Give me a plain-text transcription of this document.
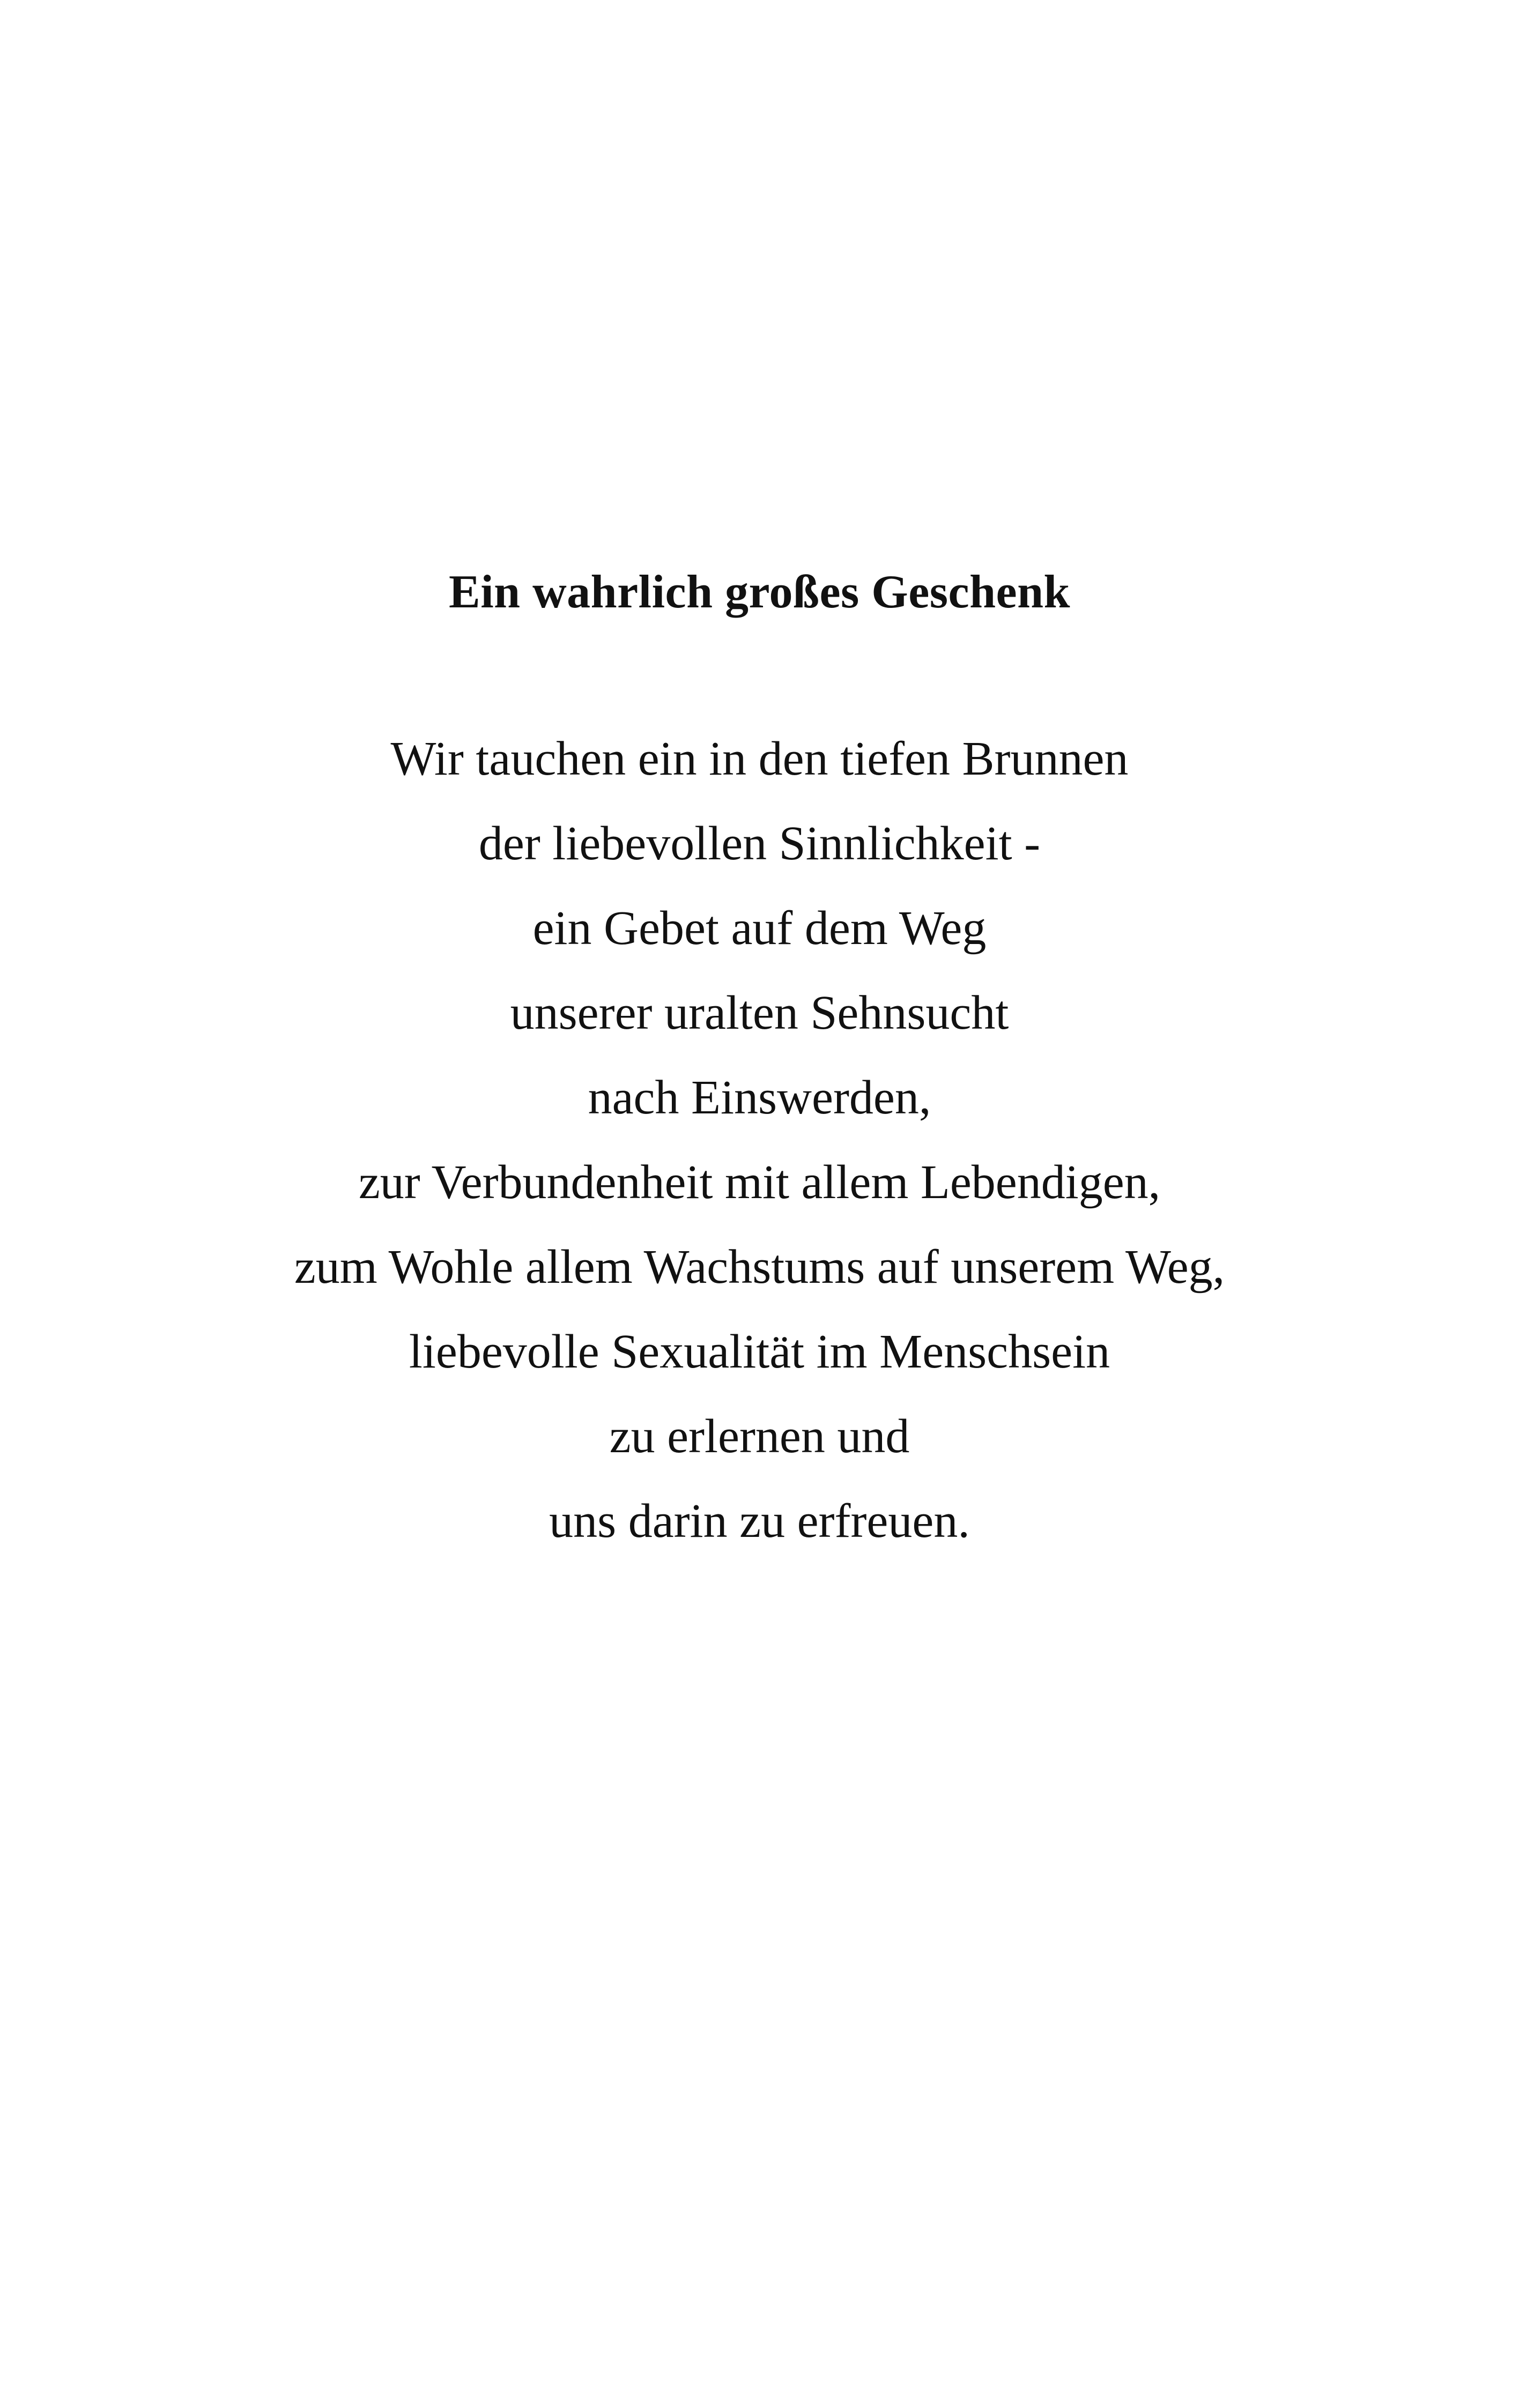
Ein wahrlich großes Geschenk
Wir tauchen ein in den tiefen Brunnen
der liebevollen Sinnlichkeit -
ein Gebet auf dem Weg
unserer uralten Sehnsucht
nach Einswerden,
zur Verbundenheit mit allem Lebendigen,
zum Wohle allem Wachstums auf unserem Weg,
liebevolle Sexualität im Menschsein
zu erlernen und
uns darin zu erfreuen.
